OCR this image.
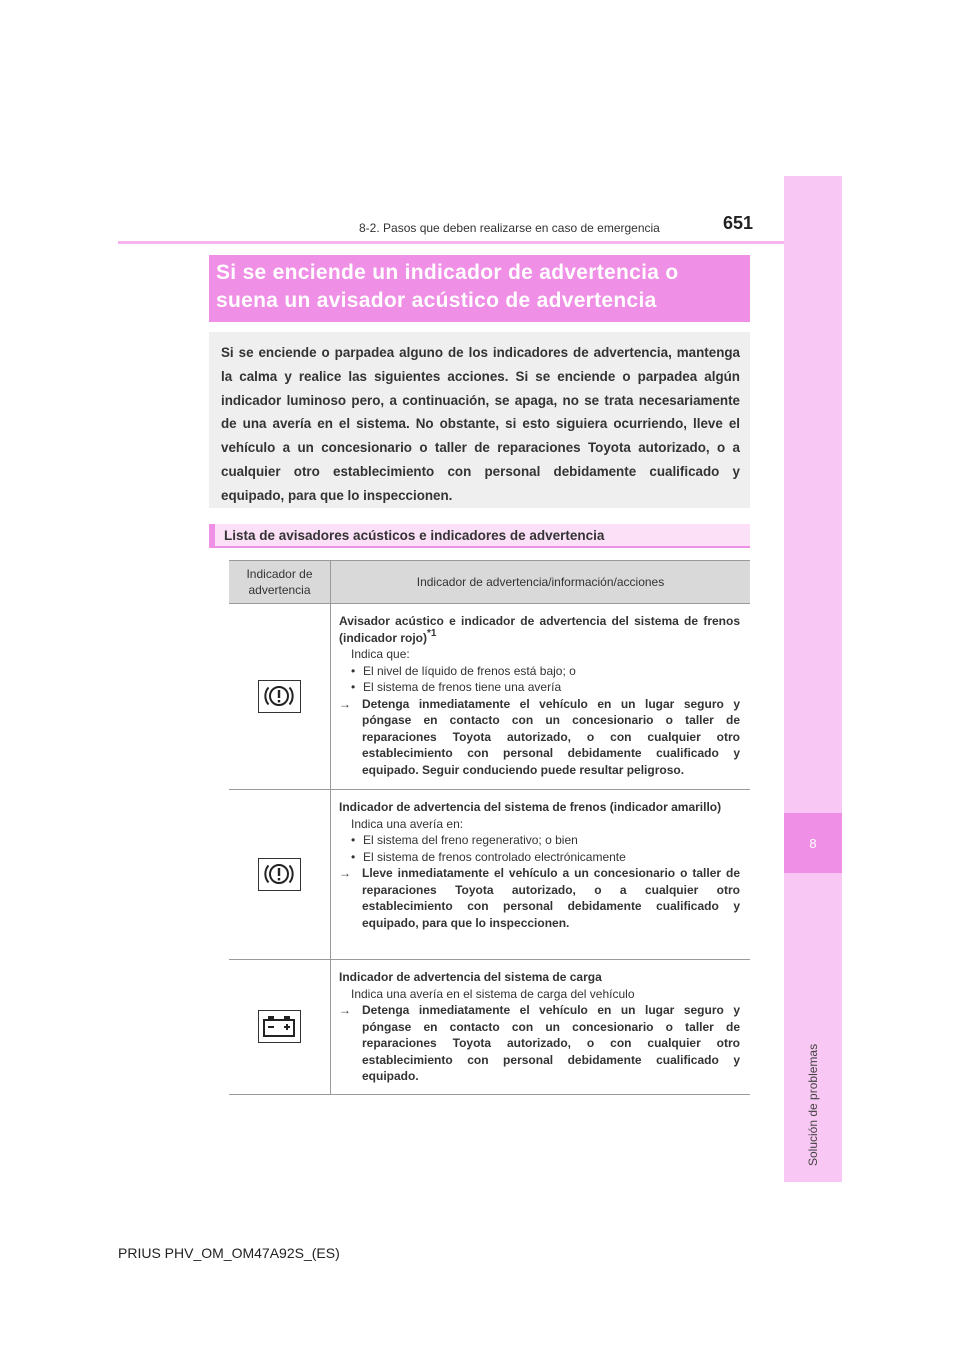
8
Solución de problemas
8-2. Pasos que deben realizarse en caso de emergencia	651
Si se enciende un indicador de advertencia o
suena un avisador acústico de advertencia

Si se enciende o parpadea alguno de los indicadores de advertencia, mantenga la calma y realice las siguientes acciones. Si se enciende o parpadea algún indicador luminoso pero, a continuación, se apaga, no se trata necesariamente de una avería en el sistema. No obstante, si esto siguiera ocurriendo, lleve el vehículo a un concesionario o taller de reparaciones Toyota autorizado, o a cualquier otro establecimiento con personal debidamente cualificado y equipado, para que lo inspeccionen.

Lista de avisadores acústicos e indicadores de advertencia
Indicador de advertencia	Indicador de advertencia/información/acciones

Avisador acústico e indicador de advertencia del sistema de frenos (indicador rojo)$^{*1}$
Indica que:
• El nivel de líquido de frenos está bajo; o
• El sistema de frenos tiene una avería
→ Detenga inmediatamente el vehículo en un lugar seguro y póngase en contacto con un concesionario o taller de reparaciones Toyota autorizado, o con cualquier otro establecimiento con personal debidamente cualificado y equipado. Seguir conduciendo puede resultar peligroso.

Indicador de advertencia del sistema de frenos (indicador amarillo)
Indica una avería en:
• El sistema del freno regenerativo; o bien
• El sistema de frenos controlado electrónicamente
→ Lleve inmediatamente el vehículo a un concesionario o taller de reparaciones Toyota autorizado, o a cualquier otro establecimiento con personal debidamente cualificado y equipado, para que lo inspeccionen.

Indicador de advertencia del sistema de carga
Indica una avería en el sistema de carga del vehículo
→ Detenga inmediatamente el vehículo en un lugar seguro y póngase en contacto con un concesionario o taller de reparaciones Toyota autorizado, o con cualquier otro establecimiento con personal debidamente cualificado y equipado.
PRIUS PHV_OM_OM47A92S_(ES)
